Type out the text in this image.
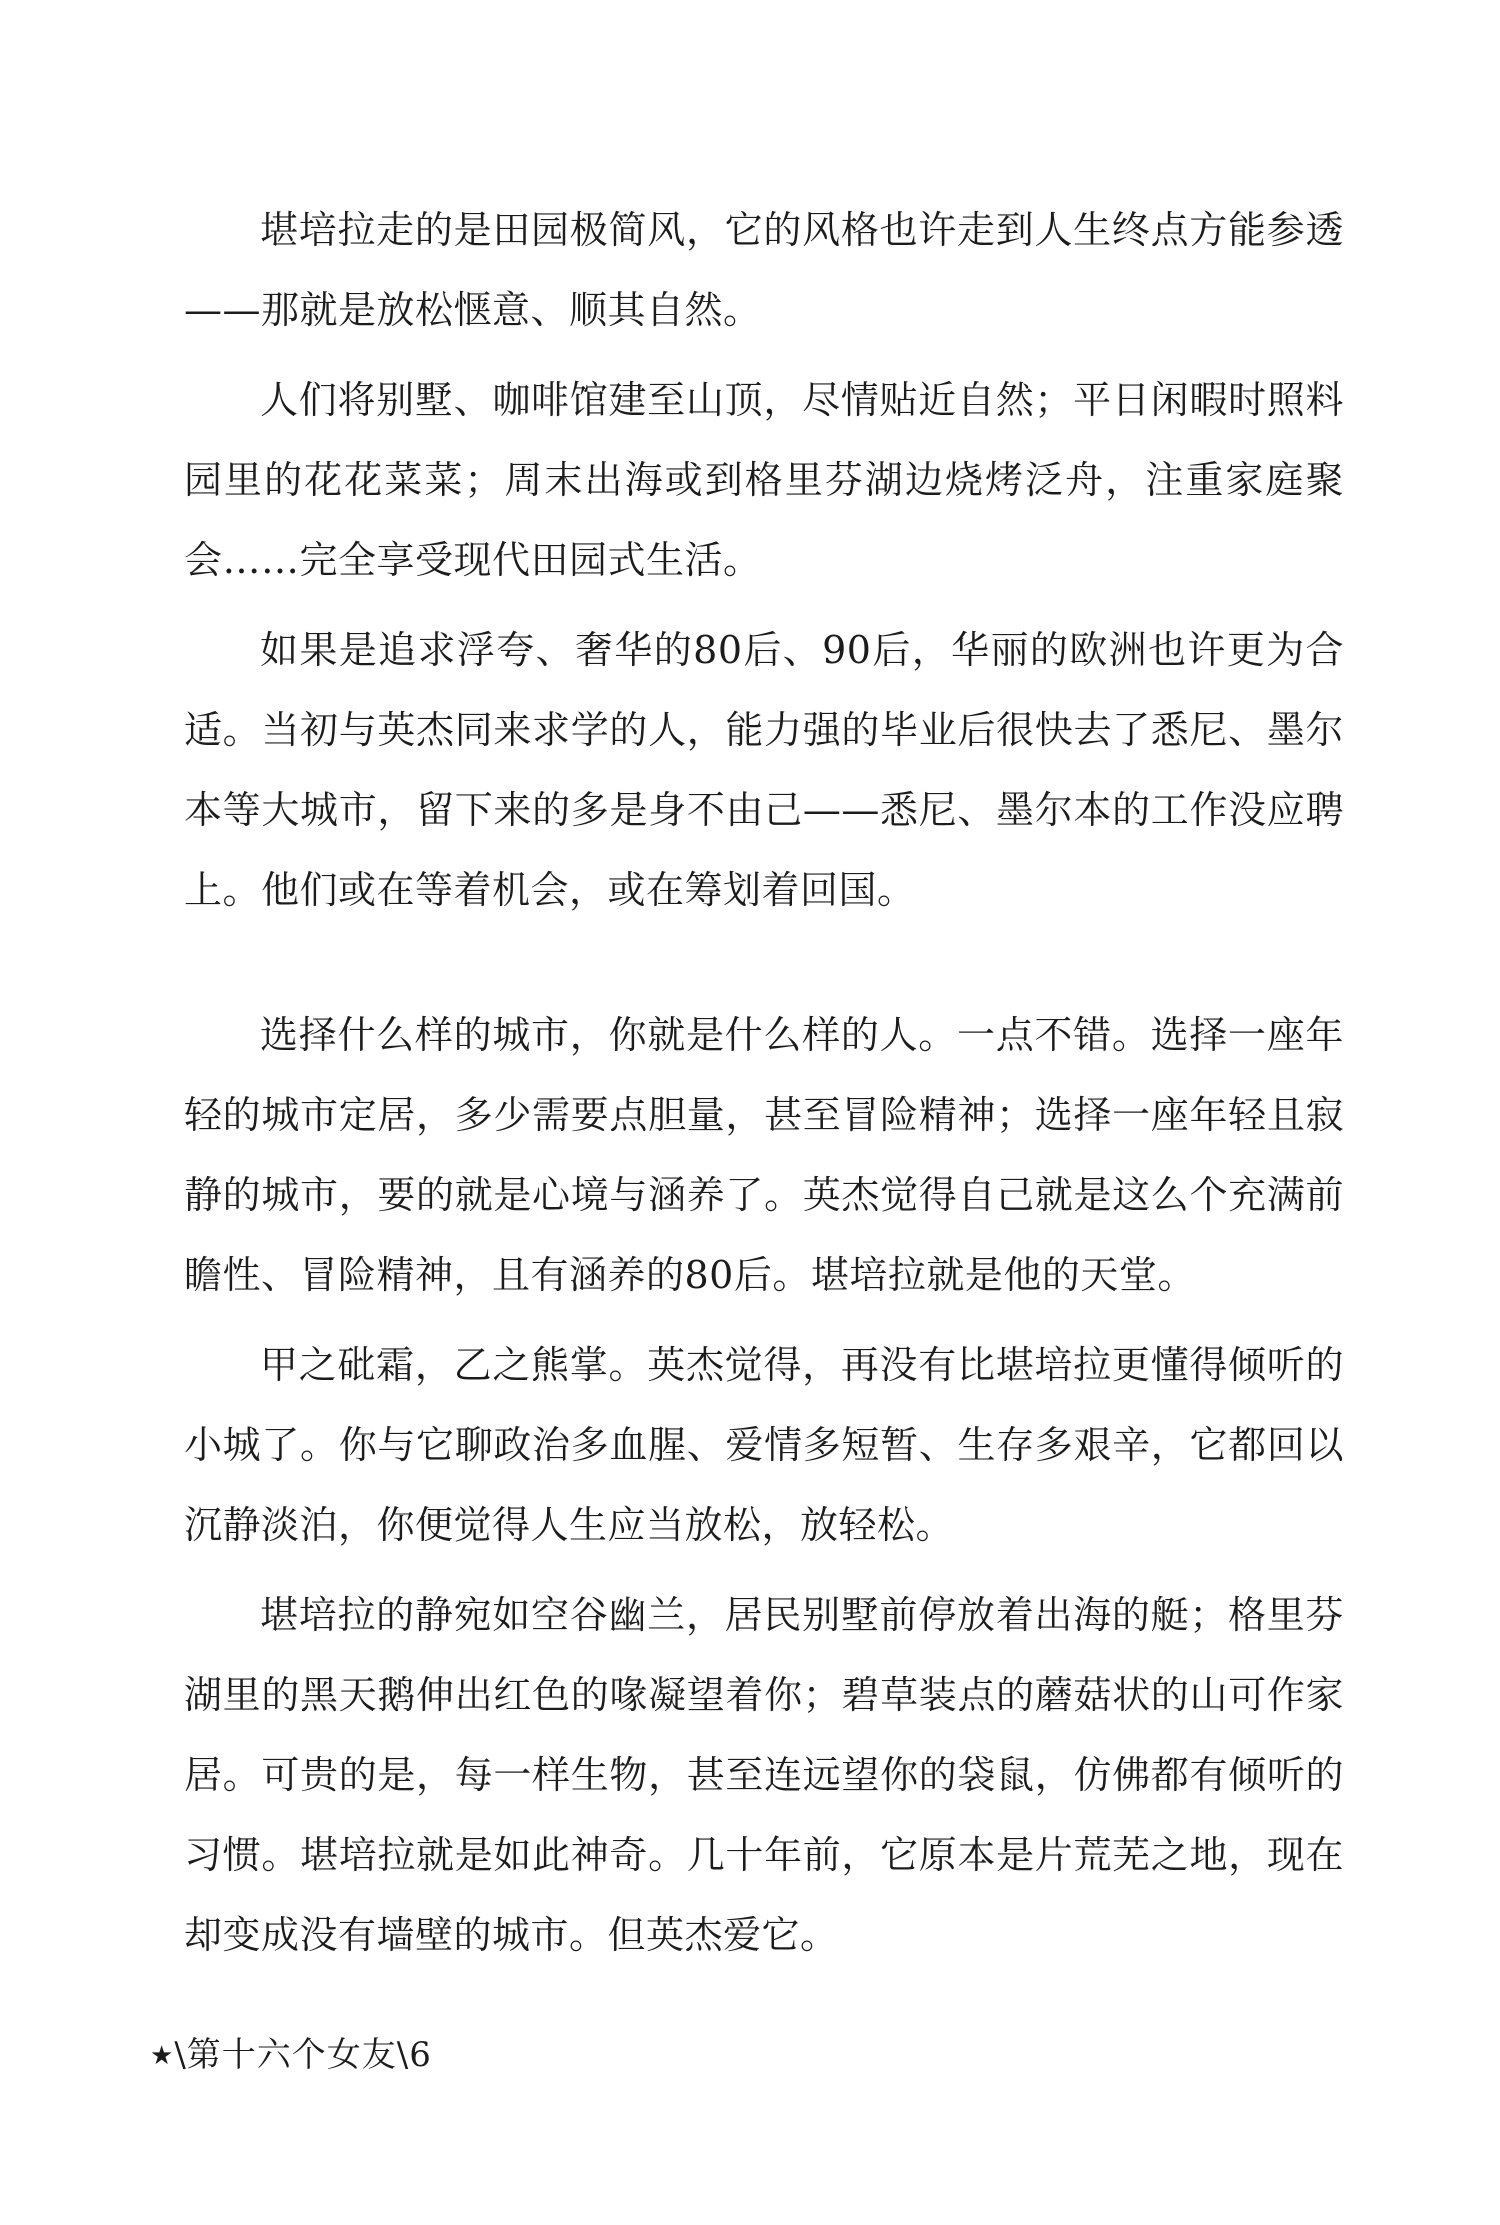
堪培拉走的是田园极简风，它的风格也许走到人生终点方能参透——那就是放松惬意、顺其自然。

人们将别墅、咖啡馆建至山顶，尽情贴近自然；平日闲暇时照料园里的花花菜菜；周末出海或到格里芬湖边烧烤泛舟，注重家庭聚会……完全享受现代田园式生活。

如果是追求浮夸、奢华的80后、90后，华丽的欧洲也许更为合适。当初与英杰同来求学的人，能力强的毕业后很快去了悉尼、墨尔本等大城市，留下来的多是身不由己——悉尼、墨尔本的工作没应聘上。他们或在等着机会，或在筹划着回国。

选择什么样的城市，你就是什么样的人。一点不错。选择一座年轻的城市定居，多少需要点胆量，甚至冒险精神；选择一座年轻且寂静的城市，要的就是心境与涵养了。英杰觉得自己就是这么个充满前瞻性、冒险精神，且有涵养的80后。堪培拉就是他的天堂。

甲之砒霜，乙之熊掌。英杰觉得，再没有比堪培拉更懂得倾听的小城了。你与它聊政治多血腥、爱情多短暂、生存多艰辛，它都回以沉静淡泊，你便觉得人生应当放松，放轻松。

堪培拉的静宛如空谷幽兰，居民别墅前停放着出海的艇；格里芬湖里的黑天鹅伸出红色的喙凝望着你；碧草装点的蘑菇状的山可作家居。可贵的是，每一样生物，甚至连远望你的袋鼠，仿佛都有倾听的习惯。堪培拉就是如此神奇。几十年前，它原本是片荒芜之地，现在却变成没有墙壁的城市。但英杰爱它。

★\第十六个女友\6
